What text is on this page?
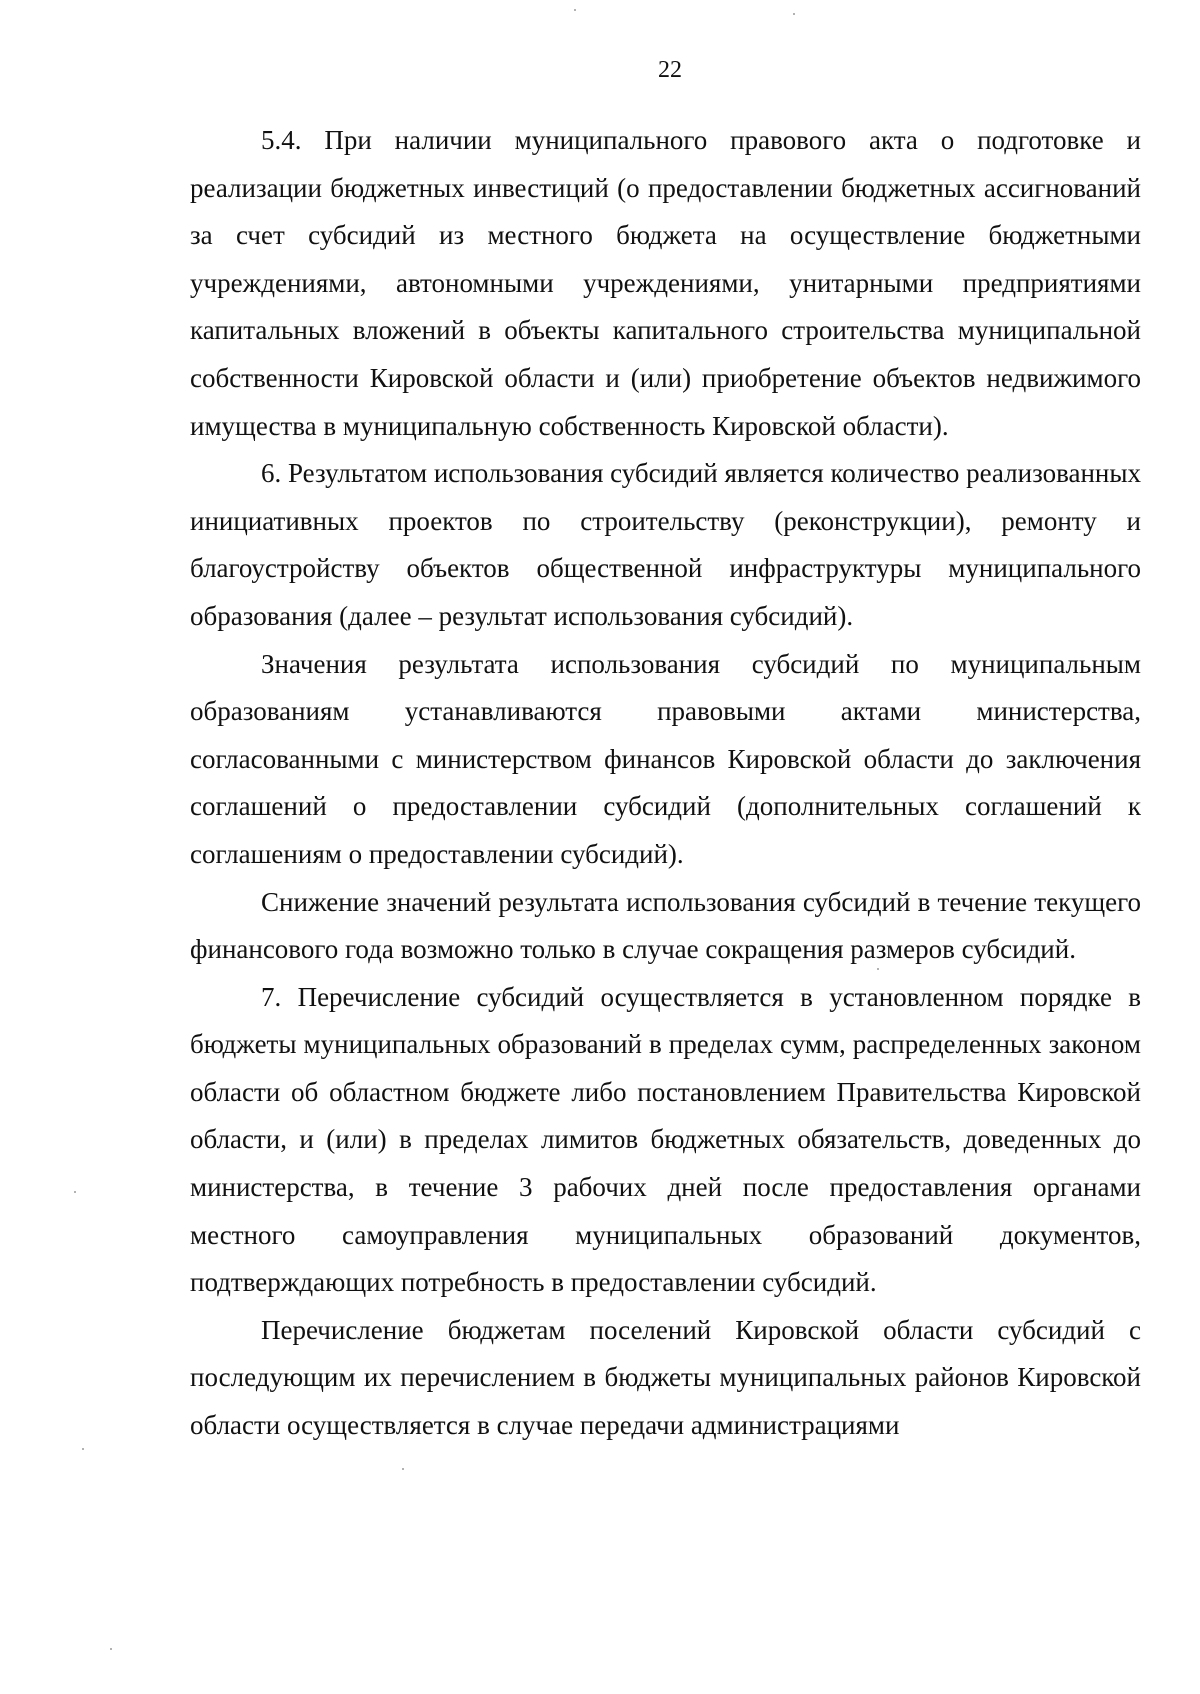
22

5.4. При наличии муниципального правового акта о подготовке и реализации бюджетных инвестиций (о предоставлении бюджетных ассигнований за счет субсидий из местного бюджета на осуществление бюджетными учреждениями, автономными учреждениями, унитарными предприятиями капитальных вложений в объекты капитального строительства муниципальной собственности Кировской области и (или) приобретение объектов недвижимого имущества в муниципальную собственность Кировской области).

6. Результатом использования субсидий является количество реализованных инициативных проектов по строительству (реконструкции), ремонту и благоустройству объектов общественной инфраструктуры муниципального образования (далее – результат использования субсидий).

Значения результата использования субсидий по муниципальным образованиям устанавливаются правовыми актами министерства, согласованными с министерством финансов Кировской области до заключения соглашений о предоставлении субсидий (дополнительных соглашений к соглашениям о предоставлении субсидий).

Снижение значений результата использования субсидий в течение текущего финансового года возможно только в случае сокращения размеров субсидий.

7. Перечисление субсидий осуществляется в установленном порядке в бюджеты муниципальных образований в пределах сумм, распределенных законом области об областном бюджете либо постановлением Правительства Кировской области, и (или) в пределах лимитов бюджетных обязательств, доведенных до министерства, в течение 3 рабочих дней после предоставления органами местного самоуправления муниципальных образований документов, подтверждающих потребность в предоставлении субсидий.

Перечисление бюджетам поселений Кировской области субсидий с последующим их перечислением в бюджеты муниципальных районов Кировской области осуществляется в случае передачи администрациями
